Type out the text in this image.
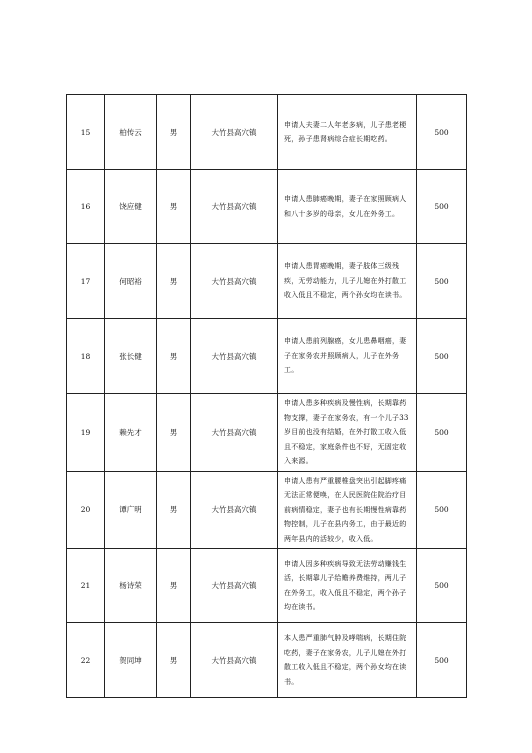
15	柏传云	男	大竹县高穴镇	申请人夫妻二人年老多病，儿子患老梗死，孙子患肾病综合症长期吃药。	500
16	饶应健	男	大竹县高穴镇	申请人患肺癌晚期，妻子在家照顾病人和八十多岁的母亲，女儿在外务工。	500
17	何昭裕	男	大竹县高穴镇	申请人患胃癌晚期，妻子肢体三级残疾，无劳动能力，儿子儿媳在外打散工收入低且不稳定，两个孙女均在读书。	500
18	张长健	男	大竹县高穴镇	申请人患前列腺癌，女儿患鼻咽癌，妻子在家务农并照顾病人，儿子在外务工。	500
19	赖先才	男	大竹县高穴镇	申请人患多种疾病及慢性病，长期靠药物支撑，妻子在家务农，有一个儿子33岁目前也没有结婚，在外打散工收入低且不稳定，家庭条件也不好，无固定收入来源。	500
20	谭广明	男	大竹县高穴镇	申请人患有严重腰椎盘突出引起脚疼痛无法正常便唤，在人民医院住院治疗目前病情稳定，妻子也有长期慢性病靠药物控制，儿子在县内务工，由于最近的两年县内的活较少，收入低。	500
21	杨诗荣	男	大竹县高穴镇	申请人因多种疾病导致无法劳动赚钱生活，长期靠儿子给赡养费维持，两儿子在外务工，收入低且不稳定，两个孙子均在读书。	500
22	贺同坤	男	大竹县高穴镇	本人患严重肺气肿及哮喘病，长期住院吃药，妻子在家务农，儿子儿媳在外打散工收入低且不稳定，两个孙女均在读书。	500
